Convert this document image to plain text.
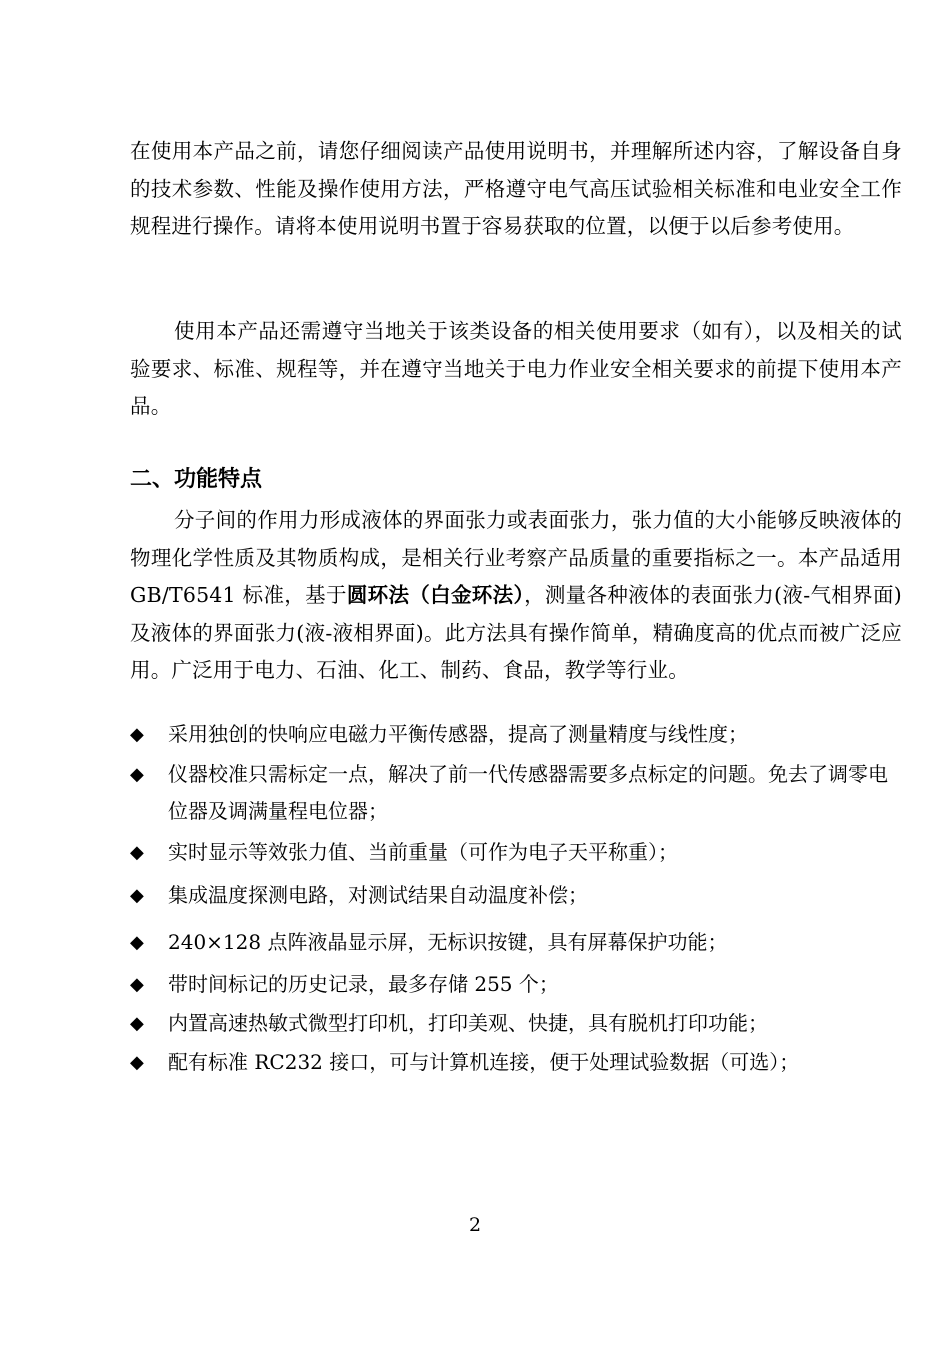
在使用本产品之前，请您仔细阅读产品使用说明书，并理解所述内容，了解设备自身的技术参数、性能及操作使用方法，严格遵守电气高压试验相关标准和电业安全工作规程进行操作。请将本使用说明书置于容易获取的位置，以便于以后参考使用。

使用本产品还需遵守当地关于该类设备的相关使用要求（如有），以及相关的试验要求、标准、规程等，并在遵守当地关于电力作业安全相关要求的前提下使用本产品。

二、功能特点

分子间的作用力形成液体的界面张力或表面张力，张力值的大小能够反映液体的物理化学性质及其物质构成，是相关行业考察产品质量的重要指标之一。本产品适用 GB/T6541 标准，基于圆环法（白金环法），测量各种液体的表面张力(液-气相界面)及液体的界面张力(液-液相界面)。此方法具有操作简单，精确度高的优点而被广泛应用。广泛用于电力、石油、化工、制药、食品，教学等行业。

◆	采用独创的快响应电磁力平衡传感器，提高了测量精度与线性度；
◆	仪器校准只需标定一点，解决了前一代传感器需要多点标定的问题。免去了调零电位器及调满量程电位器；
◆	实时显示等效张力值、当前重量（可作为电子天平称重）；
◆	集成温度探测电路，对测试结果自动温度补偿；
◆	240×128 点阵液晶显示屏，无标识按键，具有屏幕保护功能；
◆	带时间标记的历史记录，最多存储 255 个；
◆	内置高速热敏式微型打印机，打印美观、快捷，具有脱机打印功能；
◆	配有标准 RC232 接口，可与计算机连接，便于处理试验数据（可选）；
2
